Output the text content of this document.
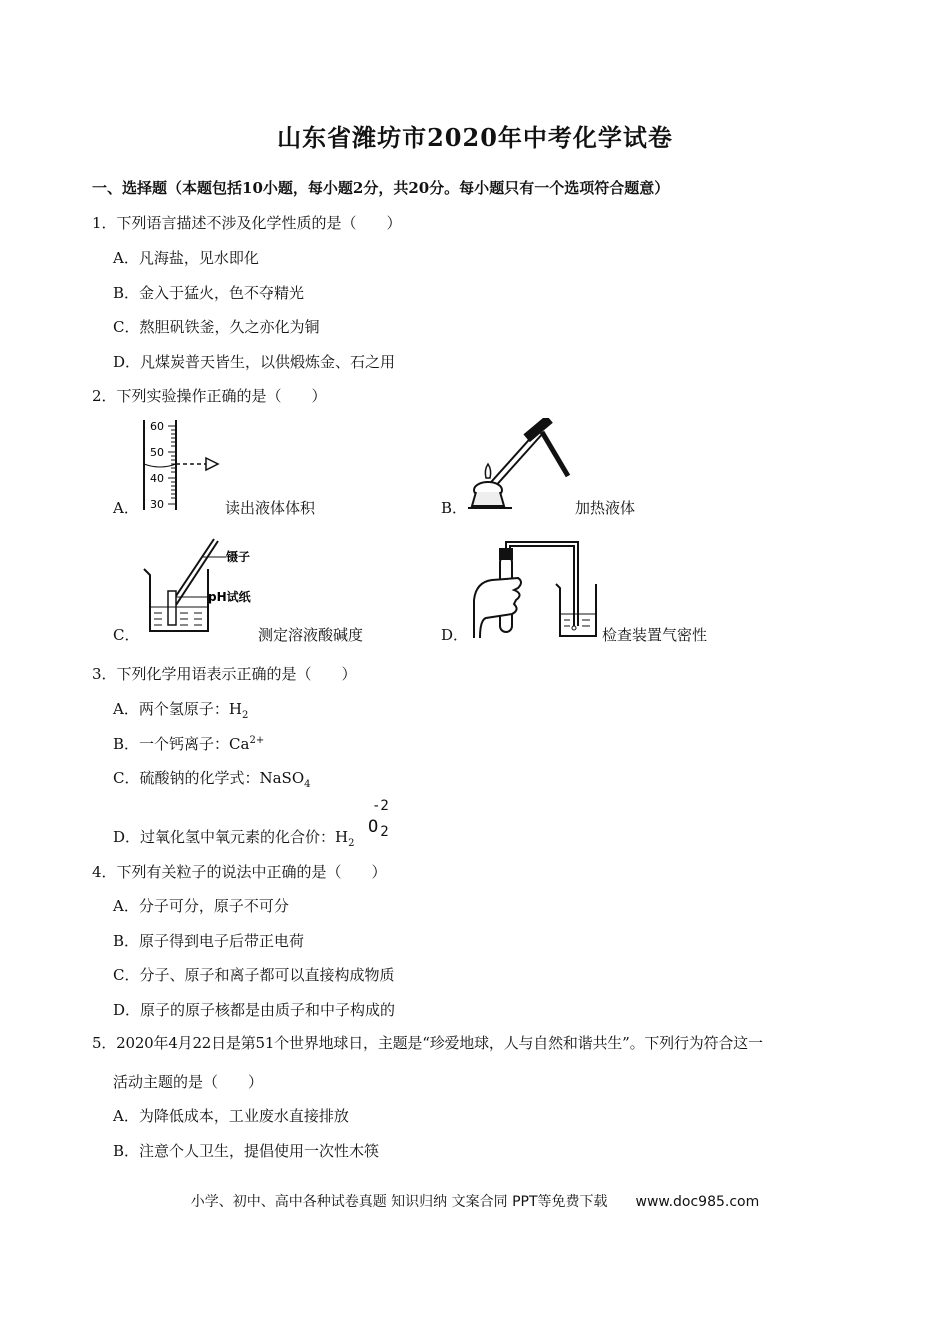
山东省潍坊市2020年中考化学试卷
一、选择题（本题包括10小题，每小题2分，共20分。每小题只有一个选项符合题意）
1．下列语言描述不涉及化学性质的是（　　）
A．凡海盐，见水即化
B．金入于猛火，色不夺精光
C．熬胆矾铁釜，久之亦化为铜
D．凡煤炭普天皆生，以供煅炼金、石之用
2．下列实验操作正确的是（　　）
60
50
40
30
A．	读出液体体积	B．	加热液体
镊子
pH试纸
C．	测定溶液酸碱度	D．	检查装置气密性
3．下列化学用语表示正确的是（　　）
A．两个氢原子：$H_2$
B．一个钙离子：$Ca^{2+}$
C．硫酸钠的化学式：NaSO$_4$
D．过氧化氢中氧元素的化合价：$H_2$
-2
O $_2$
4．下列有关粒子的说法中正确的是（　　）
A．分子可分，原子不可分
B．原子得到电子后带正电荷
C．分子、原子和离子都可以直接构成物质
D．原子的原子核都是由质子和中子构成的
5．2020年4月22日是第51个世界地球日，主题是“珍爱地球，人与自然和谐共生”。下列行为符合这一
活动主题的是（　　）
A．为降低成本，工业废水直接排放
B．注意个人卫生，提倡使用一次性木筷
小学、初中、高中各种试卷真题 知识归纳 文案合同 PPT等免费下载　　www.doc985.com
